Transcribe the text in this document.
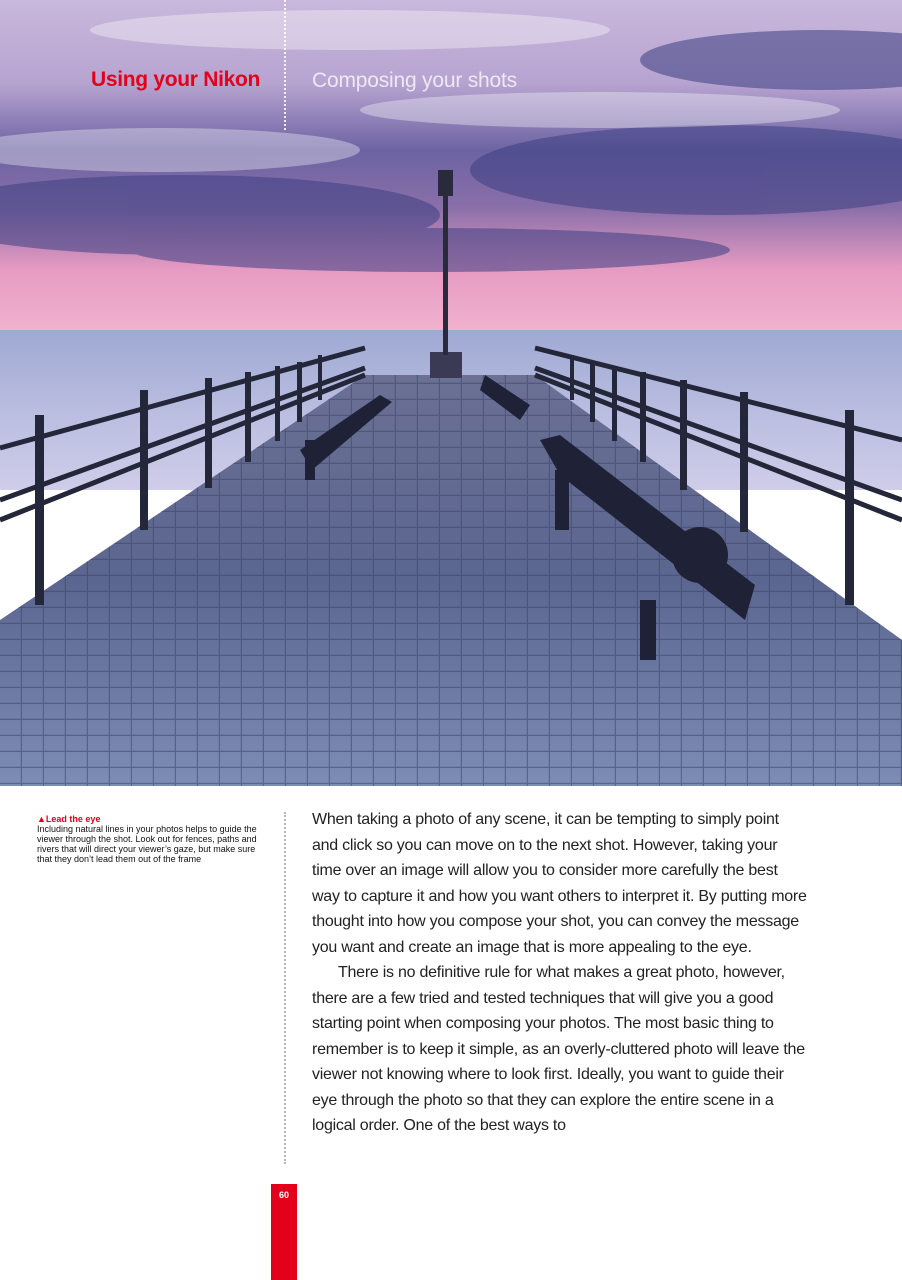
Using your Nikon Composing your shots
▲Lead the eye
Including natural lines in your photos helps to guide the viewer through the shot. Look out for fences, paths and rivers that will direct your viewer’s gaze, but make sure that they don’t lead them out of the frame

When taking a photo of any scene, it can be tempting to simply point and click so you can move on to the next shot. However, taking your time over an image will allow you to consider more carefully the best way to capture it and how you want others to interpret it. By putting more thought into how you compose your shot, you can convey the message you want and create an image that is more appealing to the eye.

There is no definitive rule for what makes a great photo, however, there are a few tried and tested techniques that will give you a good starting point when composing your photos. The most basic thing to remember is to keep it simple, as an overly-cluttered photo will leave the viewer not knowing where to look first. Ideally, you want to guide their eye through the photo so that they can explore the entire scene in a logical order. One of the best ways to

60
